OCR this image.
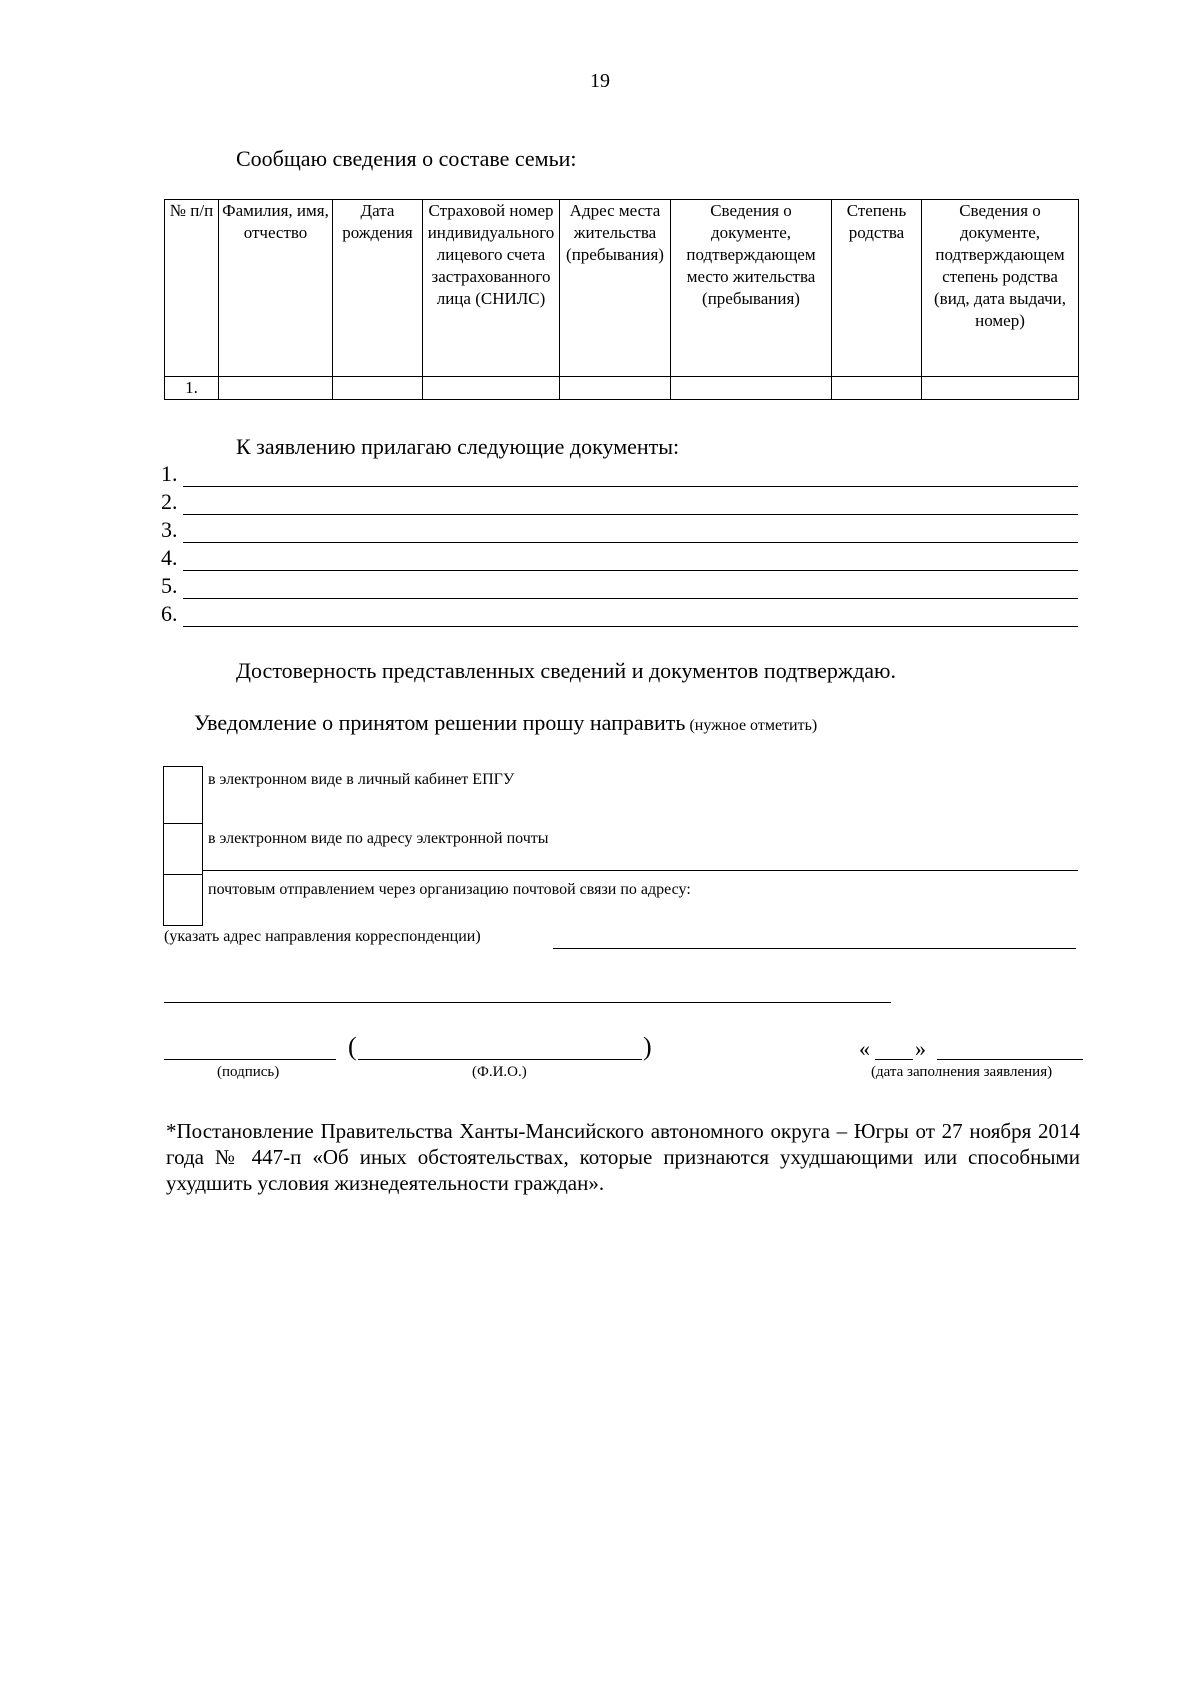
19
Сообщаю сведения о составе семьи:
№ п/п	Фамилия, имя, отчество	Дата рождения	Страховой номер индивидуального лицевого счета застрахованного лица (СНИЛС)	Адрес места жительства (пребывания)	Сведения о документе, подтверждающем место жительства (пребывания)	Степень родства	Сведения о документе, подтверждающем степень родства (вид, дата выдачи, номер)
1.							
К заявлению прилагаю следующие документы:
1.
2.
3.
4.
5.
6.
Достоверность представленных сведений и документов подтверждаю.
Уведомление о принятом решении прошу направить (нужное отметить)
в электронном виде в личный кабинет ЕПГУ
в электронном виде по адресу электронной почты
почтовым отправлением через организацию почтовой связи по адресу:
(указать адрес направления корреспонденции)
(	)	« »
(подпись)	(Ф.И.О.)	(дата заполнения заявления)
*Постановление Правительства Ханты-Мансийского автономного округа – Югры от 27 ноября 2014 года № 447-п «Об иных обстоятельствах, которые признаются ухудшающими или способными ухудшить условия жизнедеятельности граждан».
